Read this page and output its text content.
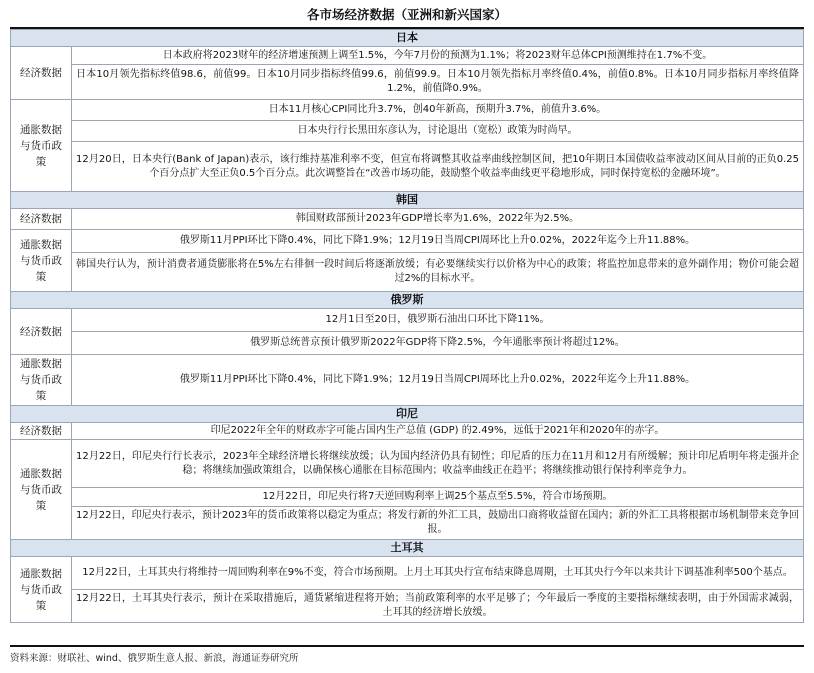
各市场经济数据（亚洲和新兴国家）
日本	
经济数据	日本政府将2023财年的经济增速预测上调至1.5%，今年7月份的预测为1.1%；将2023财年总体CPI预测维持在1.7%不变。
	日本10月领先指标终值98.6，前值99。日本10月同步指标终值99.6，前值99.9。日本10月领先指标月率终值0.4%，前值0.8%。日本10月同步指标月率终值降1.2%，前值降0.9%。
通胀数据与货币政策	日本11月核心CPI同比升3.7%，创40年新高，预期升3.7%，前值升3.6%。
	日本央行行长黑田东彦认为，讨论退出（宽松）政策为时尚早。
	12月20日，日本央行(Bank of Japan)表示，该行维持基准利率不变，但宣布将调整其收益率曲线控制区间，把10年期日本国债收益率波动区间从目前的正负0.25个百分点扩大至正负0.5个百分点。此次调整旨在“改善市场功能，鼓励整个收益率曲线更平稳地形成，同时保持宽松的金融环境”。
韩国	
经济数据	韩国财政部预计2023年GDP增长率为1.6%，2022年为2.5%。
通胀数据与货币政策	俄罗斯11月PPI环比下降0.4%，同比下降1.9%；12月19日当周CPI周环比上升0.02%，2022年迄今上升11.88%。
	韩国央行认为，预计消费者通货膨胀将在5%左右徘徊一段时间后将逐渐放缓；有必要继续实行以价格为中心的政策；将监控加息带来的意外副作用；物价可能会超过2%的目标水平。
俄罗斯	
经济数据	12月1日至20日，俄罗斯石油出口环比下降11%。
	俄罗斯总统普京预计俄罗斯2022年GDP将下降2.5%，今年通胀率预计将超过12%。
通胀数据与货币政策	俄罗斯11月PPI环比下降0.4%，同比下降1.9%；12月19日当周CPI周环比上升0.02%，2022年迄今上升11.88%。
印尼	
经济数据	印尼2022年全年的财政赤字可能占国内生产总值 (GDP) 的2.49%，远低于2021年和2020年的赤字。
通胀数据与货币政策	12月22日，印尼央行行长表示，2023年全球经济增长将继续放缓；认为国内经济仍具有韧性；印尼盾的压力在11月和12月有所缓解；预计印尼盾明年将走强并企稳；将继续加强政策组合，以确保核心通胀在目标范围内；收益率曲线正在趋平；将继续推动银行保持利率竞争力。
	12月22日，印尼央行将7天逆回购利率上调25个基点至5.5%，符合市场预期。
	12月22日，印尼央行表示，预计2023年的货币政策将以稳定为重点；将发行新的外汇工具，鼓励出口商将收益留在国内；新的外汇工具将根据市场机制带来竞争回报。
土耳其	
通胀数据与货币政策	12月22日，土耳其央行将维持一周回购利率在9%不变，符合市场预期。上月土耳其央行宣布结束降息周期，土耳其央行今年以来共计下调基准利率500个基点。
	12月22日，土耳其央行表示，预计在采取措施后，通货紧缩进程将开始；当前政策利率的水平足够了；今年最后一季度的主要指标继续表明，由于外国需求减弱，土耳其的经济增长放缓。
资料来源：财联社、wind、俄罗斯生意人报、新浪，海通证券研究所
